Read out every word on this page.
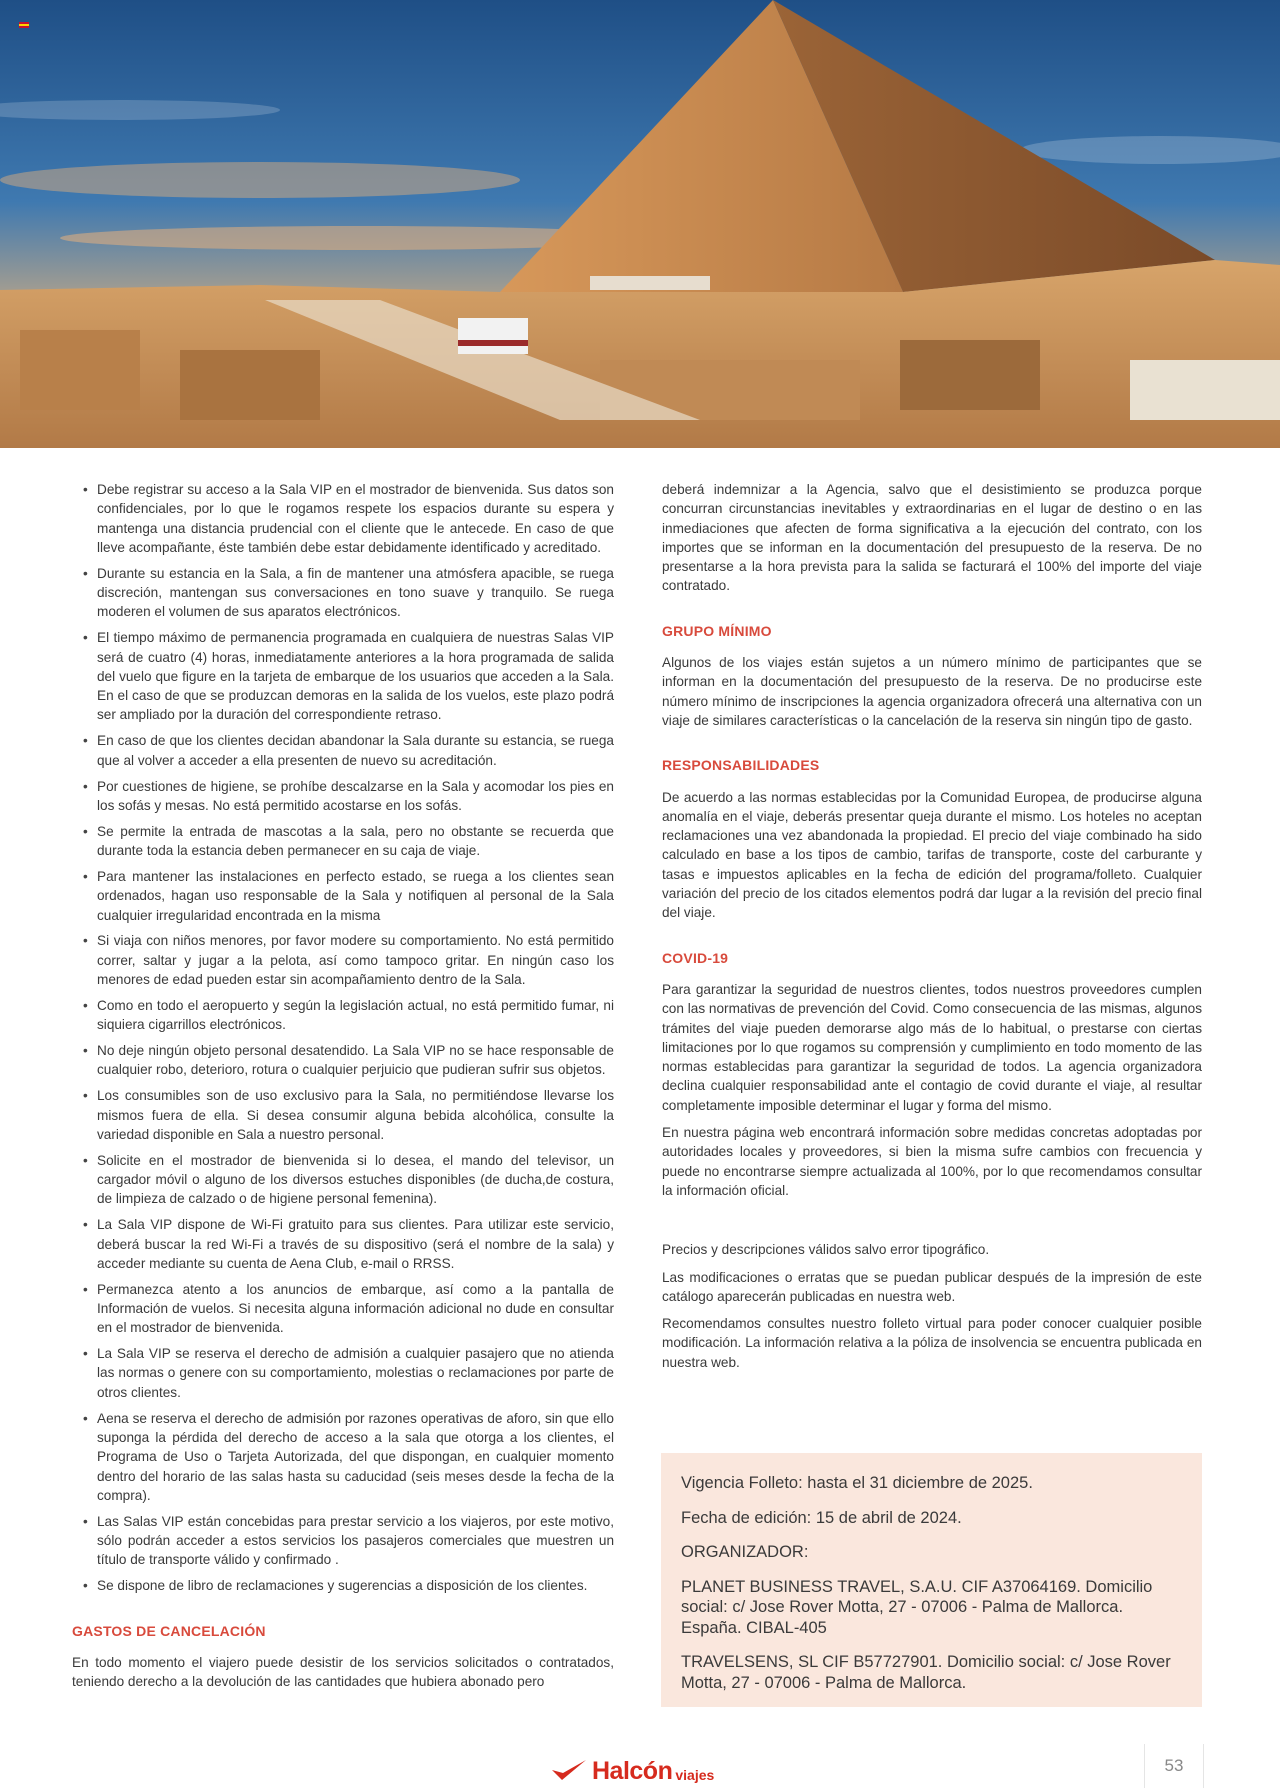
• Debe registrar su acceso a la Sala VIP en el mostrador de bienvenida. Sus datos son confidenciales, por lo que le rogamos respete los espacios durante su espera y mantenga una distancia prudencial con el cliente que le antecede. En caso de que lleve acompañante, éste también debe estar debidamente identificado y acreditado.
• Durante su estancia en la Sala, a fin de mantener una atmósfera apacible, se ruega discreción, mantengan sus conversaciones en tono suave y tranquilo. Se ruega moderen el volumen de sus aparatos electrónicos.
• El tiempo máximo de permanencia programada en cualquiera de nuestras Salas VIP será de cuatro (4) horas, inmediatamente anteriores a la hora programada de salida del vuelo que figure en la tarjeta de embarque de los usuarios que acceden a la Sala. En el caso de que se produzcan demoras en la salida de los vuelos, este plazo podrá ser ampliado por la duración del correspondiente retraso.
• En caso de que los clientes decidan abandonar la Sala durante su estancia, se ruega que al volver a acceder a ella presenten de nuevo su acreditación.
• Por cuestiones de higiene, se prohíbe descalzarse en la Sala y acomodar los pies en los sofás y mesas. No está permitido acostarse en los sofás.
• Se permite la entrada de mascotas a la sala, pero no obstante se recuerda que durante toda la estancia deben permanecer en su caja de viaje.
• Para mantener las instalaciones en perfecto estado, se ruega a los clientes sean ordenados, hagan uso responsable de la Sala y notifiquen al personal de la Sala cualquier irregularidad encontrada en la misma
• Si viaja con niños menores, por favor modere su comportamiento. No está permitido correr, saltar y jugar a la pelota, así como tampoco gritar. En ningún caso los menores de edad pueden estar sin acompañamiento dentro de la Sala.
• Como en todo el aeropuerto y según la legislación actual, no está permitido fumar, ni siquiera cigarrillos electrónicos.
• No deje ningún objeto personal desatendido. La Sala VIP no se hace responsable de cualquier robo, deterioro, rotura o cualquier perjuicio que pudieran sufrir sus objetos.
• Los consumibles son de uso exclusivo para la Sala, no permitiéndose llevarse los mismos fuera de ella. Si desea consumir alguna bebida alcohólica, consulte la variedad disponible en Sala a nuestro personal.
• Solicite en el mostrador de bienvenida si lo desea, el mando del televisor, un cargador móvil o alguno de los diversos estuches disponibles (de ducha,de costura, de limpieza de calzado o de higiene personal femenina).
• La Sala VIP dispone de Wi-Fi gratuito para sus clientes. Para utilizar este servicio, deberá buscar la red Wi-Fi a través de su dispositivo (será el nombre de la sala) y acceder mediante su cuenta de Aena Club, e-mail o RRSS.
• Permanezca atento a los anuncios de embarque, así como a la pantalla de Información de vuelos. Si necesita alguna información adicional no dude en consultar en el mostrador de bienvenida.
• La Sala VIP se reserva el derecho de admisión a cualquier pasajero que no atienda las normas o genere con su comportamiento, molestias o reclamaciones por parte de otros clientes.
• Aena se reserva el derecho de admisión por razones operativas de aforo, sin que ello suponga la pérdida del derecho de acceso a la sala que otorga a los clientes, el Programa de Uso o Tarjeta Autorizada, del que dispongan, en cualquier momento dentro del horario de las salas hasta su caducidad (seis meses desde la fecha de la compra).
• Las Salas VIP están concebidas para prestar servicio a los viajeros, por este motivo, sólo podrán acceder a estos servicios los pasajeros comerciales que muestren un título de transporte válido y confirmado .
• Se dispone de libro de reclamaciones y sugerencias a disposición de los clientes.
GASTOS DE CANCELACIÓN

En todo momento el viajero puede desistir de los servicios solicitados o contratados, teniendo derecho a la devolución de las cantidades que hubiera abonado pero

deberá indemnizar a la Agencia, salvo que el desistimiento se produzca porque concurran circunstancias inevitables y extraordinarias en el lugar de destino o en las inmediaciones que afecten de forma significativa a la ejecución del contrato, con los importes que se informan en la documentación del presupuesto de la reserva. De no presentarse a la hora prevista para la salida se facturará el 100% del importe del viaje contratado.

GRUPO MÍNIMO

Algunos de los viajes están sujetos a un número mínimo de participantes que se informan en la documentación del presupuesto de la reserva. De no producirse este número mínimo de inscripciones la agencia organizadora ofrecerá una alternativa con un viaje de similares características o la cancelación de la reserva sin ningún tipo de gasto.

RESPONSABILIDADES

De acuerdo a las normas establecidas por la Comunidad Europea, de producirse alguna anomalía en el viaje, deberás presentar queja durante el mismo. Los hoteles no aceptan reclamaciones una vez abandonada la propiedad. El precio del viaje combinado ha sido calculado en base a los tipos de cambio, tarifas de transporte, coste del carburante y tasas e impuestos aplicables en la fecha de edición del programa/folleto. Cualquier variación del precio de los citados elementos podrá dar lugar a la revisión del precio final del viaje.

COVID-19

Para garantizar la seguridad de nuestros clientes, todos nuestros proveedores cumplen con las normativas de prevención del Covid. Como consecuencia de las mismas, algunos trámites del viaje pueden demorarse algo más de lo habitual, o prestarse con ciertas limitaciones por lo que rogamos su comprensión y cumplimiento en todo momento de las normas establecidas para garantizar la seguridad de todos. La agencia organizadora declina cualquier responsabilidad ante el contagio de covid durante el viaje, al resultar completamente imposible determinar el lugar y forma del mismo.

En nuestra página web encontrará información sobre medidas concretas adoptadas por autoridades locales y proveedores, si bien la misma sufre cambios con frecuencia y puede no encontrarse siempre actualizada al 100%, por lo que recomendamos consultar la información oficial.

Precios y descripciones válidos salvo error tipográfico.

Las modificaciones o erratas que se puedan publicar después de la impresión de este catálogo aparecerán publicadas en nuestra web.

Recomendamos consultes nuestro folleto virtual para poder conocer cualquier posible modificación. La información relativa a la póliza de insolvencia se encuentra publicada en nuestra web.

Vigencia Folleto: hasta el 31 diciembre de 2025.

Fecha de edición: 15 de abril de 2024.

ORGANIZADOR:

PLANET BUSINESS TRAVEL, S.A.U. CIF A37064169. Domicilio social: c/ Jose Rover Motta, 27 - 07006 - Palma de Mallorca. España. CIBAL-405

TRAVELSENS, SL CIF B57727901. Domicilio social: c/ Jose Rover Motta, 27 - 07006 - Palma de Mallorca.

Halcón viajes	53
